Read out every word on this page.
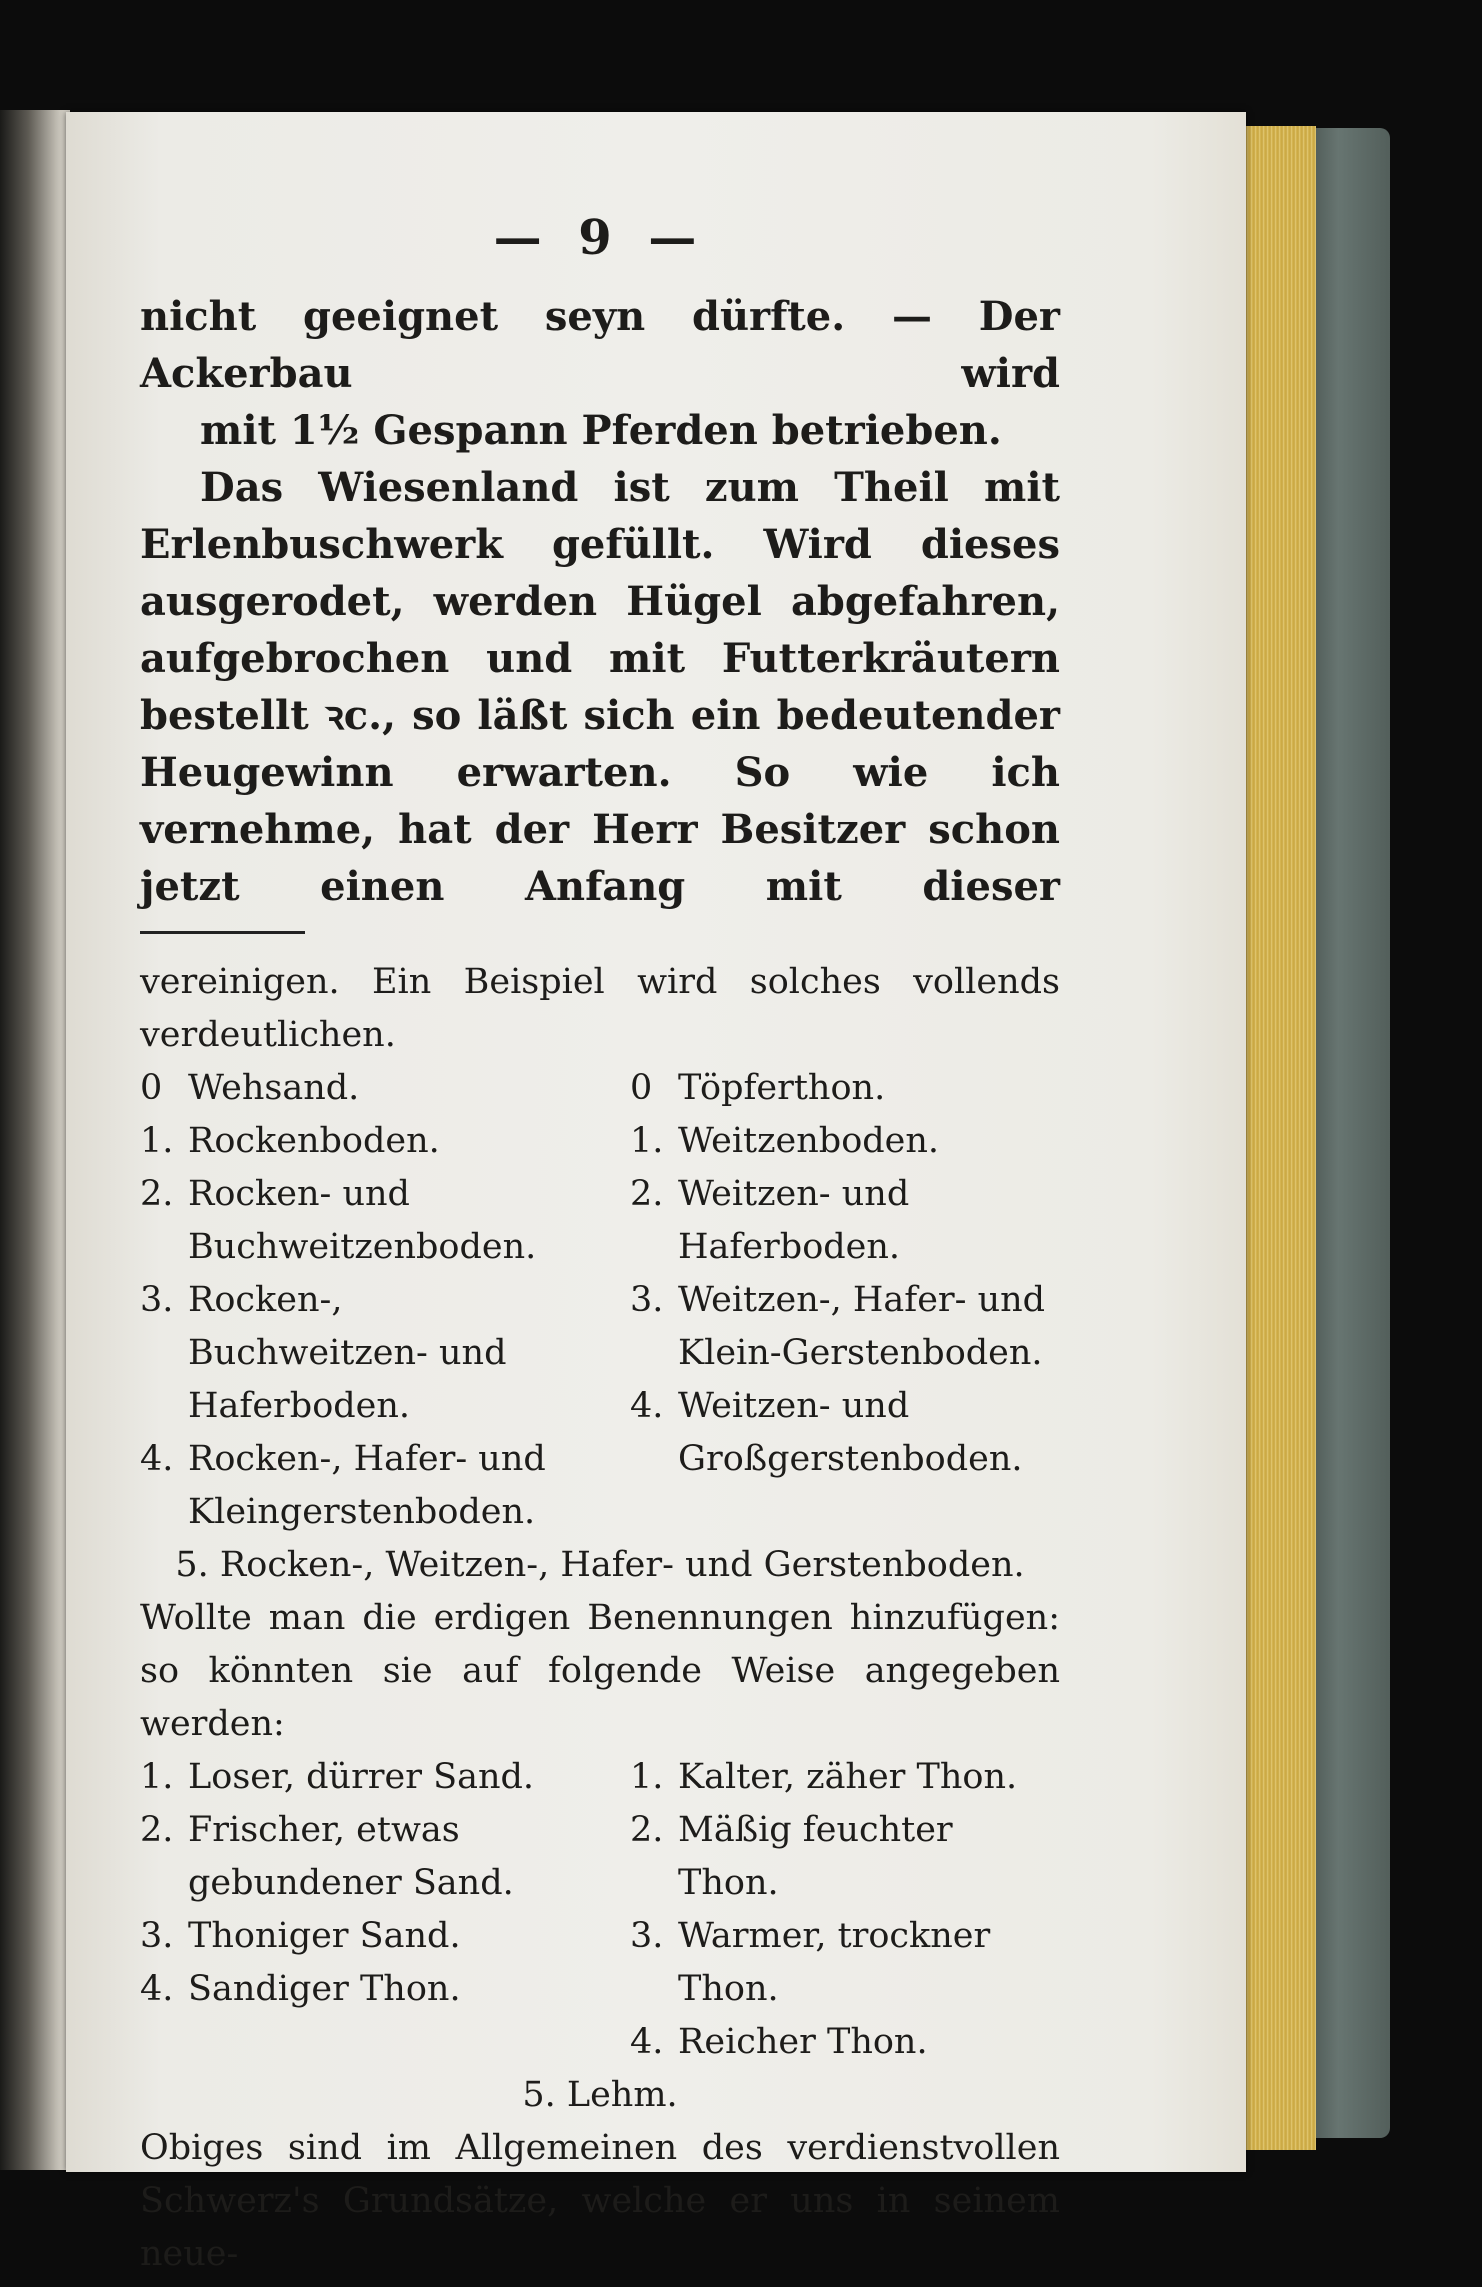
— 9 —

nicht geeignet seyn dürfte. — Der Ackerbau wird

mit 1½ Gespann Pferden betrieben.

Das Wiesenland ist zum Theil mit Erlenbuschwerk gefüllt. Wird dieses ausgerodet, werden Hügel abgefahren, aufgebrochen und mit Futterkräutern bestellt ꝛc., so läßt sich ein bedeutender Heugewinn erwarten. So wie ich vernehme, hat der Herr Besitzer schon jetzt einen Anfang mit dieser

vereinigen. Ein Beispiel wird solches vollends verdeutlichen.

0 Wehsand.
1. Rockenboden.
2. Rocken- und Buchweitzenboden.
3. Rocken-, Buchweitzen- und Haferboden.
4. Rocken-, Hafer- und Kleingerstenboden.
0 Töpferthon.
1. Weitzenboden.
2. Weitzen- und Haferboden.
3. Weitzen-, Hafer- und Klein-Gerstenboden.
4. Weitzen- und Großgerstenboden.
5. Rocken-, Weitzen-, Hafer- und Gerstenboden.

Wollte man die erdigen Benennungen hinzufügen: so könnten sie auf folgende Weise angegeben werden:

1. Loser, dürrer Sand.
2. Frischer, etwas gebundener Sand.
3. Thoniger Sand.
4. Sandiger Thon.
1. Kalter, zäher Thon.
2. Mäßig feuchter Thon.
3. Warmer, trockner Thon.
4. Reicher Thon.
5. Lehm.

Obiges sind im Allgemeinen des verdienstvollen Schwerz's Grundsätze, welche er uns in seinem neue-
